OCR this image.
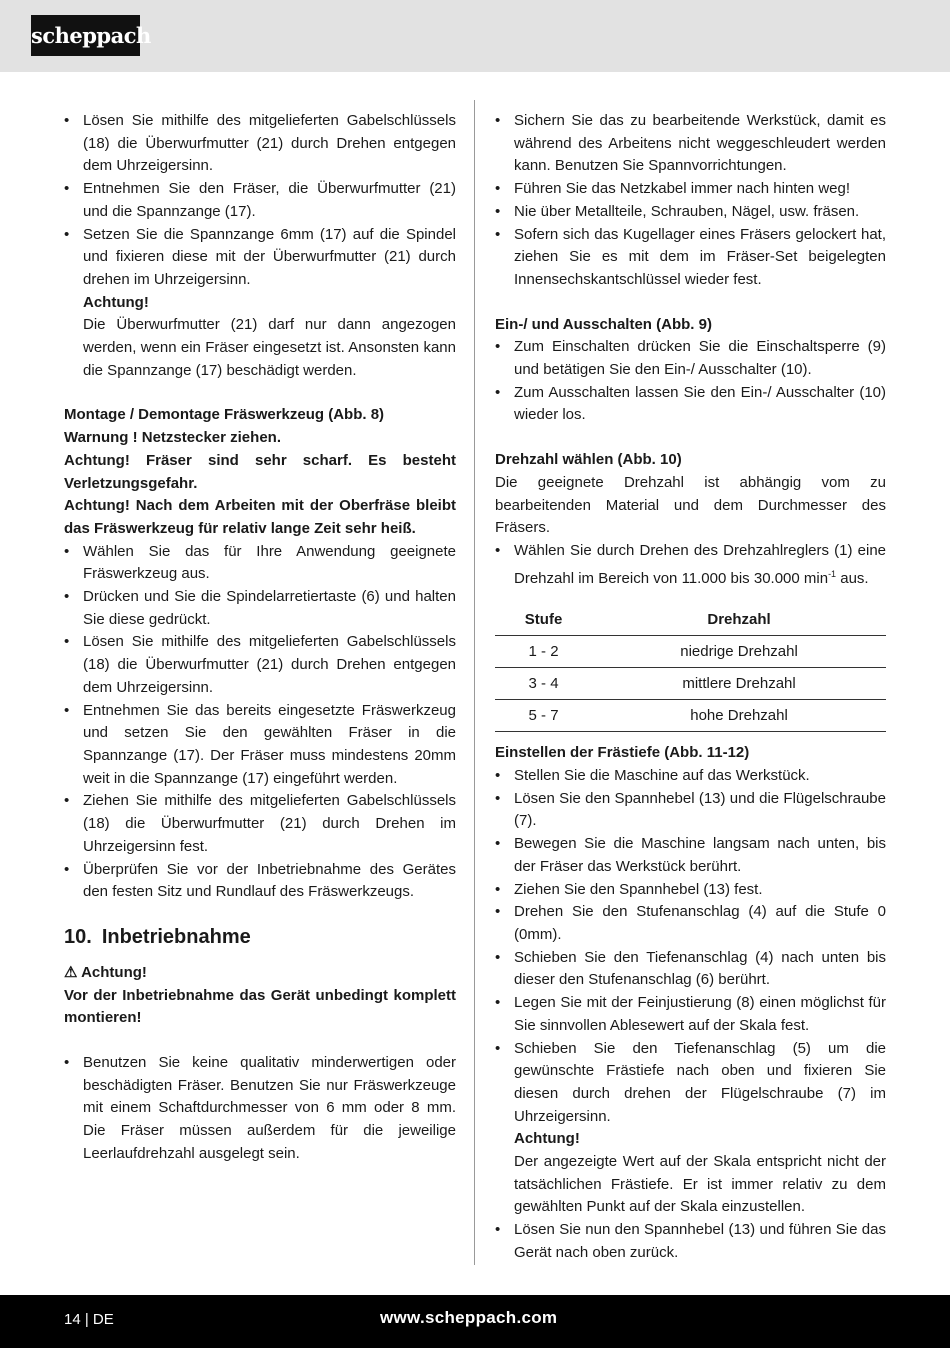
scheppach
• Lösen Sie mithilfe des mitgelieferten Gabelschlüssels (18) die Überwurfmutter (21) durch Drehen entgegen dem Uhrzeigersinn.
• Entnehmen Sie den Fräser, die Überwurfmutter (21) und die Spannzange (17).
• Setzen Sie die Spannzange 6mm (17) auf die Spindel und fixieren diese mit der Überwurfmutter (21) durch drehen im Uhrzeigersinn.
Achtung!
Die Überwurfmutter (21) darf nur dann angezogen werden, wenn ein Fräser eingesetzt ist. Ansonsten kann die Spannzange (17) beschädigt werden.
Montage / Demontage Fräswerkzeug (Abb. 8)
Warnung ! Netzstecker ziehen.
Achtung! Fräser sind sehr scharf. Es besteht Verletzungsgefahr.
Achtung! Nach dem Arbeiten mit der Oberfräse bleibt das Fräswerkzeug für relativ lange Zeit sehr heiß.
• Wählen Sie das für Ihre Anwendung geeignete Fräswerkzeug aus.
• Drücken und Sie die Spindelarretiertaste (6) und halten Sie diese gedrückt.
• Lösen Sie mithilfe des mitgelieferten Gabelschlüssels (18) die Überwurfmutter (21) durch Drehen entgegen dem Uhrzeigersinn.
• Entnehmen Sie das bereits eingesetzte Fräswerkzeug und setzen Sie den gewählten Fräser in die Spannzange (17). Der Fräser muss mindestens 20mm weit in die Spannzange (17) eingeführt werden.
• Ziehen Sie mithilfe des mitgelieferten Gabelschlüssels (18) die Überwurfmutter (21) durch Drehen im Uhrzeigersinn fest.
• Überprüfen Sie vor der Inbetriebnahme des Gerätes den festen Sitz und Rundlauf des Fräswerkzeugs.
10. Inbetriebnahme
⚠ Achtung!
Vor der Inbetriebnahme das Gerät unbedingt komplett montieren!
• Benutzen Sie keine qualitativ minderwertigen oder beschädigten Fräser. Benutzen Sie nur Fräswerkzeuge mit einem Schaftdurchmesser von 6 mm oder 8 mm. Die Fräser müssen außerdem für die jeweilige Leerlaufdrehzahl ausgelegt sein.
• Sichern Sie das zu bearbeitende Werkstück, damit es während des Arbeitens nicht weggeschleudert werden kann. Benutzen Sie Spannvorrichtungen.
• Führen Sie das Netzkabel immer nach hinten weg!
• Nie über Metallteile, Schrauben, Nägel, usw. fräsen.
• Sofern sich das Kugellager eines Fräsers gelockert hat, ziehen Sie es mit dem im Fräser-Set beigelegten Innensechskantschlüssel wieder fest.
Ein-/ und Ausschalten (Abb. 9)
• Zum Einschalten drücken Sie die Einschaltsperre (9) und betätigen Sie den Ein-/ Ausschalter (10).
• Zum Ausschalten lassen Sie den Ein-/ Ausschalter (10) wieder los.
Drehzahl wählen (Abb. 10)
Die geeignete Drehzahl ist abhängig vom zu bearbeitenden Material und dem Durchmesser des Fräsers.
• Wählen Sie durch Drehen des Drehzahlreglers (1) eine Drehzahl im Bereich von 11.000 bis 30.000 $\min^{-1}$ aus.
Stufe	Drehzahl
1 - 2	niedrige Drehzahl
3 - 4	mittlere Drehzahl
5 - 7	hohe Drehzahl
Einstellen der Frästiefe (Abb. 11-12)
• Stellen Sie die Maschine auf das Werkstück.
• Lösen Sie den Spannhebel (13) und die Flügelschraube (7).
• Bewegen Sie die Maschine langsam nach unten, bis der Fräser das Werkstück berührt.
• Ziehen Sie den Spannhebel (13) fest.
• Drehen Sie den Stufenanschlag (4) auf die Stufe 0 (0mm).
• Schieben Sie den Tiefenanschlag (4) nach unten bis dieser den Stufenanschlag (6) berührt.
• Legen Sie mit der Feinjustierung (8) einen möglichst für Sie sinnvollen Ablesewert auf der Skala fest.
• Schieben Sie den Tiefenanschlag (5) um die gewünschte Frästiefe nach oben und fixieren Sie diesen durch drehen der Flügelschraube (7) im Uhrzeigersinn.
Achtung!
Der angezeigte Wert auf der Skala entspricht nicht der tatsächlichen Frästiefe. Er ist immer relativ zu dem gewählten Punkt auf der Skala einzustellen.
• Lösen Sie nun den Spannhebel (13) und führen Sie das Gerät nach oben zurück.
14 | DE	www.scheppach.com
